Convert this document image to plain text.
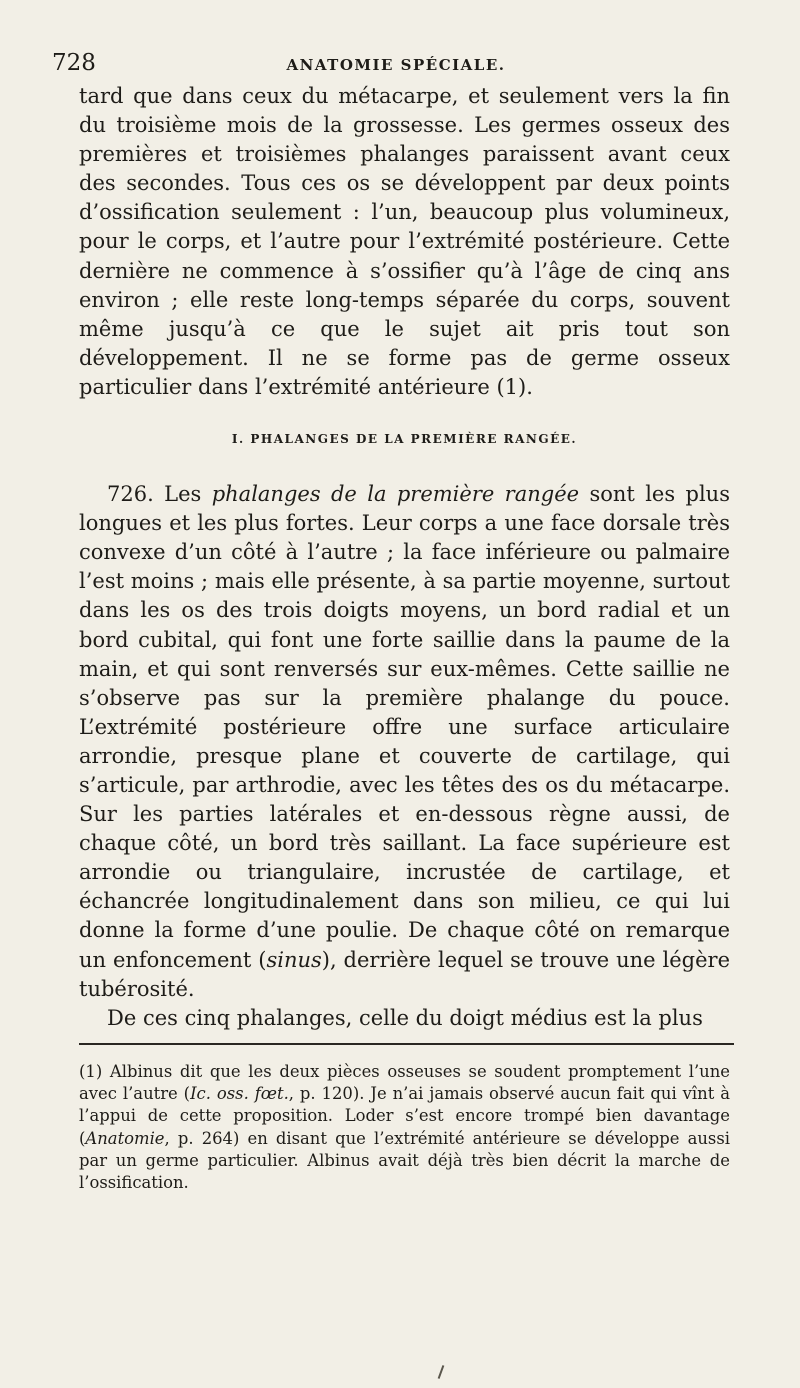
728	ANATOMIE SPÉCIALE.

tard que dans ceux du métacarpe, et seulement vers la fin du troisième mois de la grossesse. Les germes osseux des premières et troisièmes phalanges paraissent avant ceux des secondes. Tous ces os se développent par deux points d’ossification seulement : l’un, beaucoup plus volumineux, pour le corps, et l’autre pour l’extrémité postérieure. Cette dernière ne commence à s’ossifier qu’à l’âge de cinq ans environ ; elle reste long-temps séparée du corps, souvent même jusqu’à ce que le sujet ait pris tout son développement. Il ne se forme pas de germe osseux particulier dans l’extrémité antérieure (1).

I. PHALANGES DE LA PREMIÈRE RANGÉE.

726. Les phalanges de la première rangée sont les plus longues et les plus fortes. Leur corps a une face dorsale très convexe d’un côté à l’autre ; la face inférieure ou palmaire l’est moins ; mais elle présente, à sa partie moyenne, surtout dans les os des trois doigts moyens, un bord radial et un bord cubital, qui font une forte saillie dans la paume de la main, et qui sont renversés sur eux-mêmes. Cette saillie ne s’observe pas sur la première phalange du pouce. L’extrémité postérieure offre une surface articulaire arrondie, presque plane et couverte de cartilage, qui s’articule, par arthrodie, avec les têtes des os du métacarpe. Sur les parties latérales et en-dessous règne aussi, de chaque côté, un bord très saillant. La face supérieure est arrondie ou triangulaire, incrustée de cartilage, et échancrée longitudinalement dans son milieu, ce qui lui donne la forme d’une poulie. De chaque côté on remarque un enfoncement (sinus), derrière lequel se trouve une légère tubérosité.

De ces cinq phalanges, celle du doigt médius est la plus

(1) Albinus dit que les deux pièces osseuses se soudent promptement l’une avec l’autre (Ic. oss. fœt., p. 120). Je n’ai jamais observé aucun fait qui vînt à l’appui de cette proposition. Loder s’est encore trompé bien davantage (Anatomie, p. 264) en disant que l’extrémité antérieure se développe aussi par un germe particulier. Albinus avait déjà très bien décrit la marche de l’ossification.
